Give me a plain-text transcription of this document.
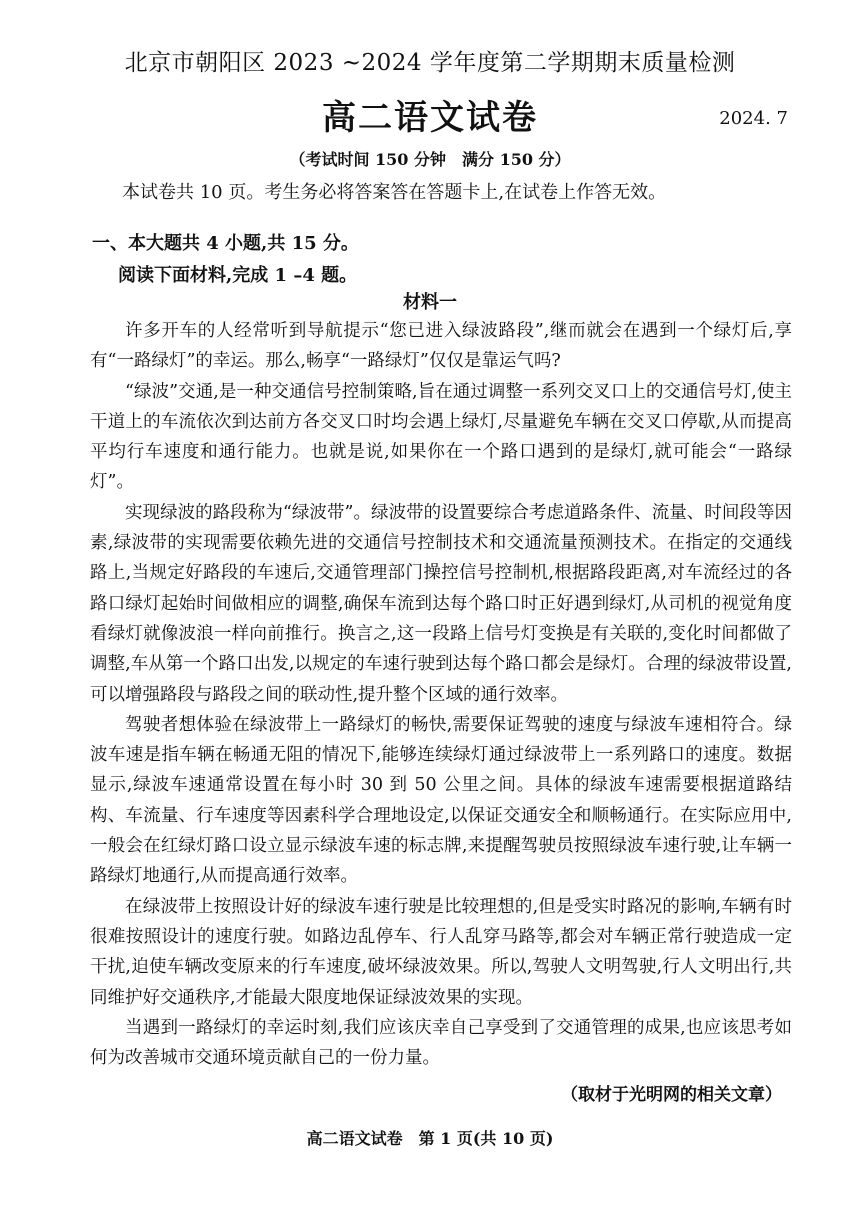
北京市朝阳区 2023 ~2024 学年度第二学期期末质量检测
高二语文试卷	2024. 7
（考试时间 150 分钟　满分 150 分）
本试卷共 10 页。考生务必将答案答在答题卡上,在试卷上作答无效。
一、本大题共 4 小题,共 15 分。
阅读下面材料,完成 1 –4 题。
材料一

许多开车的人经常听到导航提示“您已进入绿波路段”,继而就会在遇到一个绿灯后,享有“一路绿灯”的幸运。那么,畅享“一路绿灯”仅仅是靠运气吗?

“绿波”交通,是一种交通信号控制策略,旨在通过调整一系列交叉口上的交通信号灯,使主干道上的车流依次到达前方各交叉口时均会遇上绿灯,尽量避免车辆在交叉口停歇,从而提高平均行车速度和通行能力。也就是说,如果你在一个路口遇到的是绿灯,就可能会“一路绿灯”。

实现绿波的路段称为“绿波带”。绿波带的设置要综合考虑道路条件、流量、时间段等因素,绿波带的实现需要依赖先进的交通信号控制技术和交通流量预测技术。在指定的交通线路上,当规定好路段的车速后,交通管理部门操控信号控制机,根据路段距离,对车流经过的各路口绿灯起始时间做相应的调整,确保车流到达每个路口时正好遇到绿灯,从司机的视觉角度看绿灯就像波浪一样向前推行。换言之,这一段路上信号灯变换是有关联的,变化时间都做了调整,车从第一个路口出发,以规定的车速行驶到达每个路口都会是绿灯。合理的绿波带设置,可以增强路段与路段之间的联动性,提升整个区域的通行效率。

驾驶者想体验在绿波带上一路绿灯的畅快,需要保证驾驶的速度与绿波车速相符合。绿波车速是指车辆在畅通无阻的情况下,能够连续绿灯通过绿波带上一系列路口的速度。数据显示,绿波车速通常设置在每小时 30 到 50 公里之间。具体的绿波车速需要根据道路结构、车流量、行车速度等因素科学合理地设定,以保证交通安全和顺畅通行。在实际应用中,一般会在红绿灯路口设立显示绿波车速的标志牌,来提醒驾驶员按照绿波车速行驶,让车辆一路绿灯地通行,从而提高通行效率。

在绿波带上按照设计好的绿波车速行驶是比较理想的,但是受实时路况的影响,车辆有时很难按照设计的速度行驶。如路边乱停车、行人乱穿马路等,都会对车辆正常行驶造成一定干扰,迫使车辆改变原来的行车速度,破坏绿波效果。所以,驾驶人文明驾驶,行人文明出行,共同维护好交通秩序,才能最大限度地保证绿波效果的实现。

当遇到一路绿灯的幸运时刻,我们应该庆幸自己享受到了交通管理的成果,也应该思考如何为改善城市交通环境贡献自己的一份力量。

（取材于光明网的相关文章）
高二语文试卷　第 1 页(共 10 页)
